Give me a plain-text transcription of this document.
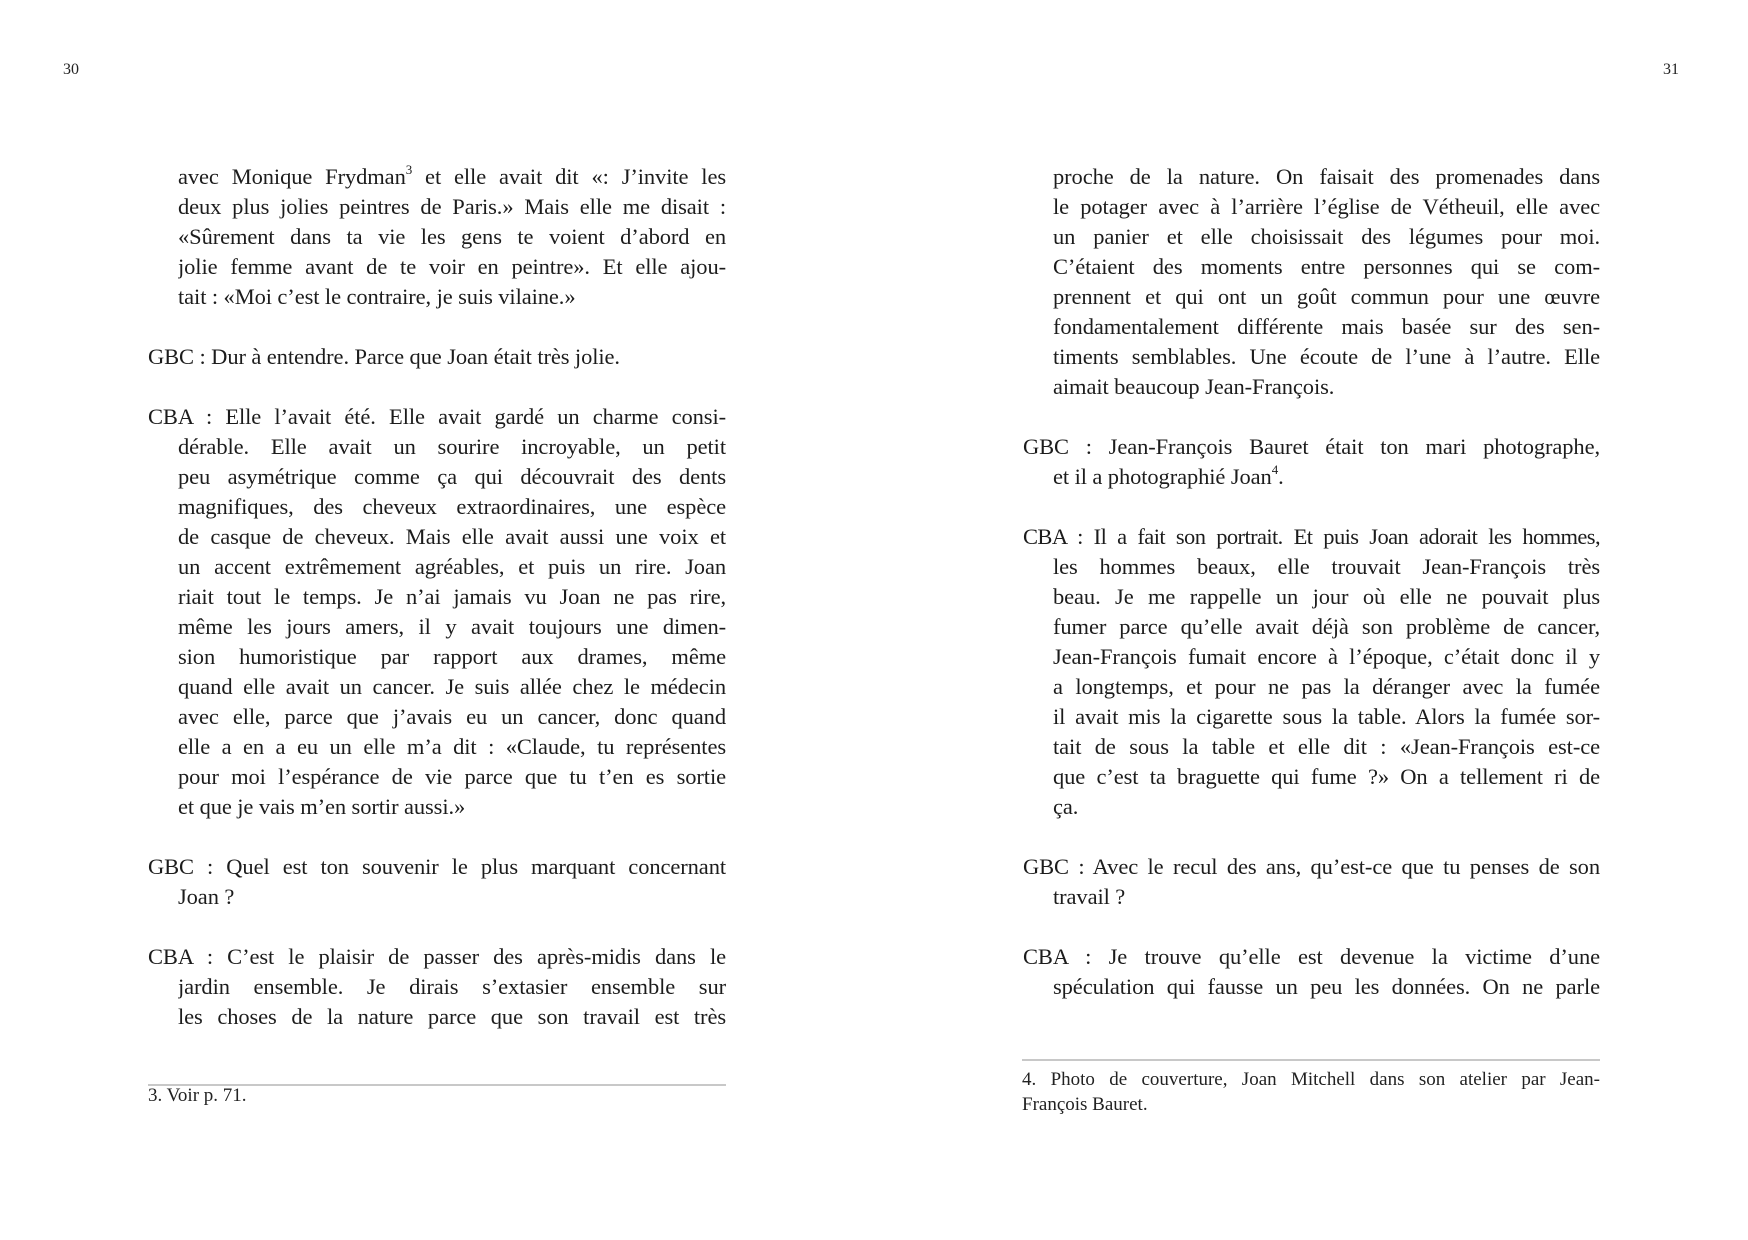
30
avec Monique Frydman$^3$ et elle avait dit «: J’invite les
deux plus jolies peintres de Paris.» Mais elle me disait :
«Sûrement dans ta vie les gens te voient d’abord en
jolie femme avant de te voir en peintre». Et elle ajou-
tait : «Moi c’est le contraire, je suis vilaine.»
GBC : Dur à entendre. Parce que Joan était très jolie.
CBA : Elle l’avait été. Elle avait gardé un charme consi-
dérable. Elle avait un sourire incroyable, un petit
peu asymétrique comme ça qui découvrait des dents
magnifiques, des cheveux extraordinaires, une espèce
de casque de cheveux. Mais elle avait aussi une voix et
un accent extrêmement agréables, et puis un rire. Joan
riait tout le temps. Je n’ai jamais vu Joan ne pas rire,
même les jours amers, il y avait toujours une dimen-
sion humoristique par rapport aux drames, même
quand elle avait un cancer. Je suis allée chez le médecin
avec elle, parce que j’avais eu un cancer, donc quand
elle a en a eu un elle m’a dit : «Claude, tu représentes
pour moi l’espérance de vie parce que tu t’en es sortie
et que je vais m’en sortir aussi.»
GBC : Quel est ton souvenir le plus marquant concernant
Joan ?
CBA : C’est le plaisir de passer des après-midis dans le
jardin ensemble. Je dirais s’extasier ensemble sur
les choses de la nature parce que son travail est très
3. Voir p. 71.
31
proche de la nature. On faisait des promenades dans
le potager avec à l’arrière l’église de Vétheuil, elle avec
un panier et elle choisissait des légumes pour moi.
C’étaient des moments entre personnes qui se com-
prennent et qui ont un goût commun pour une œuvre
fondamentalement différente mais basée sur des sen-
timents semblables. Une écoute de l’une à l’autre. Elle
aimait beaucoup Jean-François.
GBC : Jean-François Bauret était ton mari photographe,
et il a photographié Joan$^4$.
CBA : Il a fait son portrait. Et puis Joan adorait les hommes,
les hommes beaux, elle trouvait Jean-François très
beau. Je me rappelle un jour où elle ne pouvait plus
fumer parce qu’elle avait déjà son problème de cancer,
Jean-François fumait encore à l’époque, c’était donc il y
a longtemps, et pour ne pas la déranger avec la fumée
il avait mis la cigarette sous la table. Alors la fumée sor-
tait de sous la table et elle dit : «Jean-François est-ce
que c’est ta braguette qui fume ?» On a tellement ri de
ça.
GBC : Avec le recul des ans, qu’est-ce que tu penses de son
travail ?
CBA : Je trouve qu’elle est devenue la victime d’une
spéculation qui fausse un peu les données. On ne parle
4. Photo de couverture, Joan Mitchell dans son atelier par Jean-
François Bauret.
